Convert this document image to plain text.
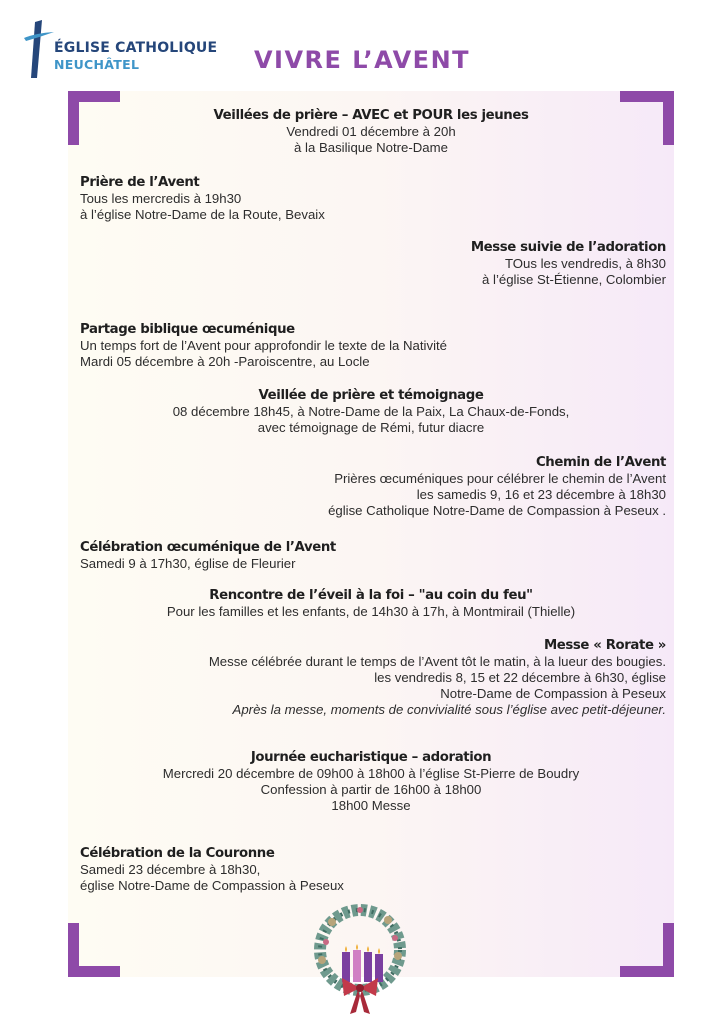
ÉGLISE CATHOLIQUE
NEUCHÂTEL	VIVRE L’AVENT
Veillées de prière – AVEC et POUR les jeunes
Vendredi 01 décembre à 20h
à la Basilique Notre-Dame
Prière de l’Avent
Tous les mercredis à 19h30
à l’église Notre-Dame de la Route, Bevaix
Messe suivie de l’adoration
TOus les vendredis, à 8h30
à l’église St-Étienne, Colombier
Partage biblique œcuménique
Un temps fort de l’Avent pour approfondir le texte de la Nativité
Mardi 05 décembre à 20h -Paroiscentre, au Locle
Veillée de prière et témoignage
08 décembre 18h45, à Notre-Dame de la Paix, La Chaux-de-Fonds,
avec témoignage de Rémi, futur diacre
Chemin de l’Avent
Prières œcuméniques pour célébrer le chemin de l’Avent
les samedis 9, 16 et 23 décembre à 18h30
église Catholique Notre-Dame de Compassion à Peseux .
Célébration œcuménique de l’Avent
Samedi 9 à 17h30, église de Fleurier
Rencontre de l’éveil à la foi – "au coin du feu"
Pour les familles et les enfants, de 14h30 à 17h, à Montmirail (Thielle)
Messe « Rorate »
Messe célébrée durant le temps de l’Avent tôt le matin, à la lueur des bougies.
les vendredis 8, 15 et 22 décembre à 6h30, église
Notre-Dame de Compassion à Peseux
Après la messe, moments de convivialité sous l’église avec petit-déjeuner.
Journée eucharistique – adoration
Mercredi 20 décembre de 09h00 à 18h00 à l’église St-Pierre de Boudry
Confession à partir de 16h00 à 18h00
18h00 Messe
Célébration de la Couronne
Samedi 23 décembre à 18h30,
église Notre-Dame de Compassion à Peseux
